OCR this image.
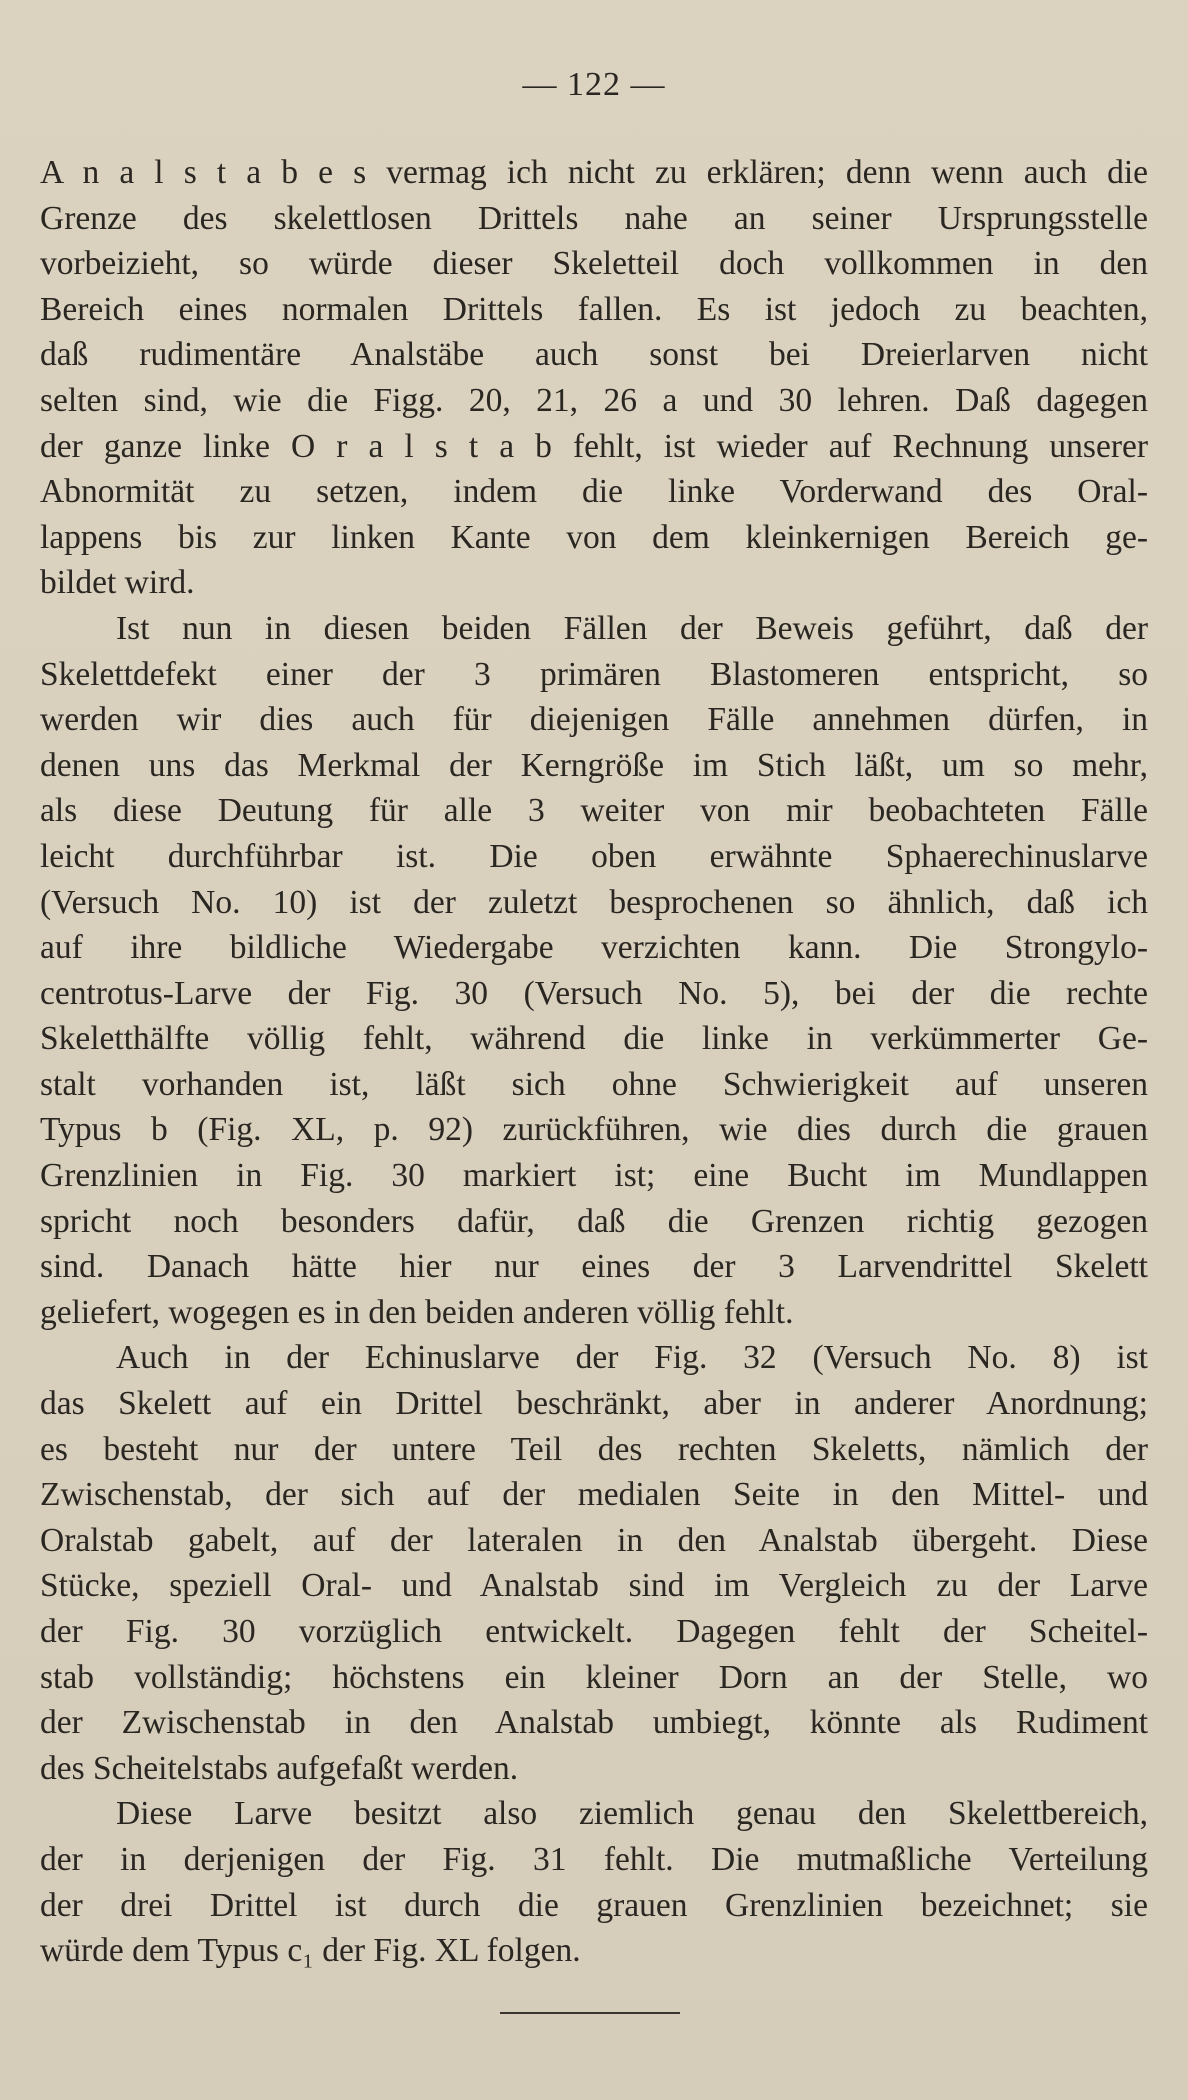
— 122 —
A n a l s t a b e s vermag ich nicht zu erklären; denn wenn auch die
Grenze des skelettlosen Drittels nahe an seiner Ursprungsstelle
vorbeizieht, so würde dieser Skeletteil doch vollkommen in den
Bereich eines normalen Drittels fallen. Es ist jedoch zu beachten,
daß rudimentäre Analstäbe auch sonst bei Dreierlarven nicht
selten sind, wie die Figg. 20, 21, 26 a und 30 lehren. Daß dagegen
der ganze linke O r a l s t a b fehlt, ist wieder auf Rechnung unserer
Abnormität zu setzen, indem die linke Vorderwand des Oral-
lappens bis zur linken Kante von dem kleinkernigen Bereich ge-
bildet wird.
Ist nun in diesen beiden Fällen der Beweis geführt, daß der
Skelettdefekt einer der 3 primären Blastomeren entspricht, so
werden wir dies auch für diejenigen Fälle annehmen dürfen, in
denen uns das Merkmal der Kerngröße im Stich läßt, um so mehr,
als diese Deutung für alle 3 weiter von mir beobachteten Fälle
leicht durchführbar ist. Die oben erwähnte Sphaerechinuslarve
(Versuch No. 10) ist der zuletzt besprochenen so ähnlich, daß ich
auf ihre bildliche Wiedergabe verzichten kann. Die Strongylo-
centrotus-Larve der Fig. 30 (Versuch No. 5), bei der die rechte
Skeletthälfte völlig fehlt, während die linke in verkümmerter Ge-
stalt vorhanden ist, läßt sich ohne Schwierigkeit auf unseren
Typus b (Fig. XL, p. 92) zurückführen, wie dies durch die grauen
Grenzlinien in Fig. 30 markiert ist; eine Bucht im Mundlappen
spricht noch besonders dafür, daß die Grenzen richtig gezogen
sind. Danach hätte hier nur eines der 3 Larvendrittel Skelett
geliefert, wogegen es in den beiden anderen völlig fehlt.
Auch in der Echinuslarve der Fig. 32 (Versuch No. 8) ist
das Skelett auf ein Drittel beschränkt, aber in anderer Anordnung;
es besteht nur der untere Teil des rechten Skeletts, nämlich der
Zwischenstab, der sich auf der medialen Seite in den Mittel- und
Oralstab gabelt, auf der lateralen in den Analstab übergeht. Diese
Stücke, speziell Oral- und Analstab sind im Vergleich zu der Larve
der Fig. 30 vorzüglich entwickelt. Dagegen fehlt der Scheitel-
stab vollständig; höchstens ein kleiner Dorn an der Stelle, wo
der Zwischenstab in den Analstab umbiegt, könnte als Rudiment
des Scheitelstabs aufgefaßt werden.
Diese Larve besitzt also ziemlich genau den Skelettbereich,
der in derjenigen der Fig. 31 fehlt. Die mutmaßliche Verteilung
der drei Drittel ist durch die grauen Grenzlinien bezeichnet; sie
würde dem Typus c₁ der Fig. XL folgen.
